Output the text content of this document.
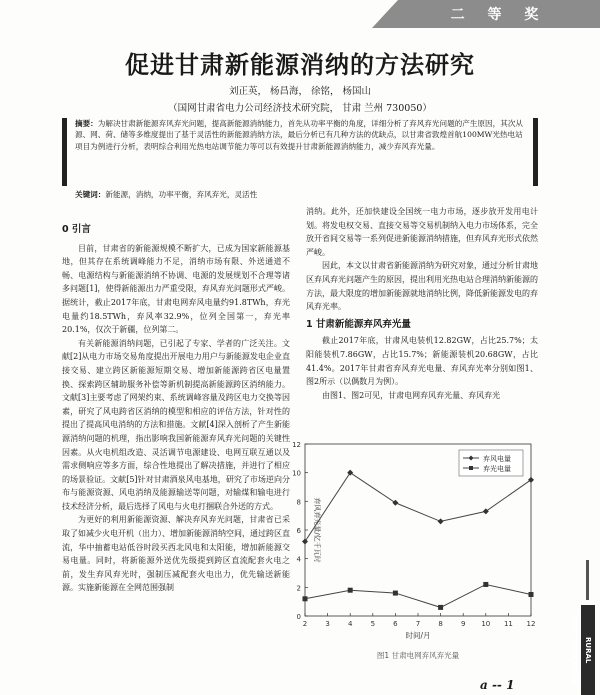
二 等 奖
促进甘肃新能源消纳的方法研究
刘正英， 杨昌海， 徐铭， 杨国山
（国网甘肃省电力公司经济技术研究院， 甘肃 兰州 730050）
摘要：为解决甘肃新能源弃风弃光问题，提高新能源消纳能力，首先从功率平衡的角度，详细分析了弃风弃光问题的产生原因，其次从源、网、荷、储等多维度提出了基于灵活性的新能源消纳方法，最后分析已有几种方法的优缺点，以甘肃省敦煌首航100MW光热电站项目为例进行分析，表明综合利用光热电站调节能力等可以有效提升甘肃新能源消纳能力，减少弃风弃光量。
关键词：新能源，消纳，功率平衡，弃风弃光，灵活性
0 引言

目前，甘肃省的新能源规模不断扩大，已成为国家新能源基地，但其存在系统调峰能力不足，消纳市场有限、外送通道不畅、电源结构与新能源消纳不协调、电源的发展规划不合理等诸多问题[1]，使得新能源出力严重受限，弃风弃光问题形式严峻。据统计，截止2017年底，甘肃电网弃风电量约91.8TWh，弃光电量约18.5TWh，弃风率32.9%，位列全国第一，弃光率20.1%，仅次于新疆，位列第二。

有关新能源消纳问题，已引起了专家、学者的广泛关注。文献[2]从电力市场交易角度提出开展电力用户与新能源发电企业直接交易、建立跨区新能源短期交易、增加新能源跨省区电量置换、探索跨区辅助服务补偿等新机制提高新能源跨区消纳能力。文献[3]主要考虑了网架约束、系统调峰容量及跨区电力交换等因素，研究了风电跨省区消纳的模型和相应的评估方法，针对性的提出了提高风电消纳的方法和措施。文献[4]深入剖析了产生新能源消纳问题的机理，指出影响我国新能源弃风弃光问题的关键性因素。从火电机组改造、灵活调节电源建设、电网互联互通以及需求侧响应等多方面，综合性地提出了解决措施，并进行了相应的场景验证。文献[5]针对甘肃酒泉风电基地，研究了市场逆向分布与能源资源、风电消纳及能源输送等问题，对输煤和输电进行技术经济分析，最后选择了风电与火电打捆联合外送的方式。

为更好的利用新能源资源、解决弃风弃光问题，甘肃省已采取了如减少火电开机（出力）、增加新能源消纳空间，通过跨区直流，华中抽蓄电站低谷时段买西北风电和太阳能，增加新能源交易电量。同时，将新能源外送优先级提到跨区直流配套火电之前，发生弃风弃光时，强制压减配套火电出力，优先输送新能源。实施新能源在全网范围强制

消纳。此外，还加快建设全国统一电力市场，逐步放开发用电计划。将发电权交易、直接交易等交易机制纳入电力市场体系，完全放开省间交易等一系列促进新能源消纳措施，但弃风弃光形式依然严峻。

因此，本文以甘肃省新能源消纳为研究对象，通过分析甘肃地区弃风弃光问题产生的原因，提出利用光热电站合理消纳新能源的方法，最大限度的增加新能源就地消纳比例，降低新能源发电的弃风弃光率。

1 甘肃新能源弃风弃光量

截止2017年底，甘肃风电装机12.82GW，占比25.7%；太阳能装机7.86GW，占比15.7%；新能源装机20.68GW，占比41.4%。2017年甘肃省弃风弃光电量、弃风弃光率分别如图1、图2所示（以偶数月为例）。

由图1、图2可见，甘肃电网弃风弃光量、弃风弃光

0
2
4
6
8
10
12
2	3	4	5	6	7	8	9 10 11 12
时间/月
弃风弃光量/亿千瓦时
弃风电量
弃光电量
图1 甘肃电网弃风弃光量	RURAL ELECTRIFICATION
a -- 1
